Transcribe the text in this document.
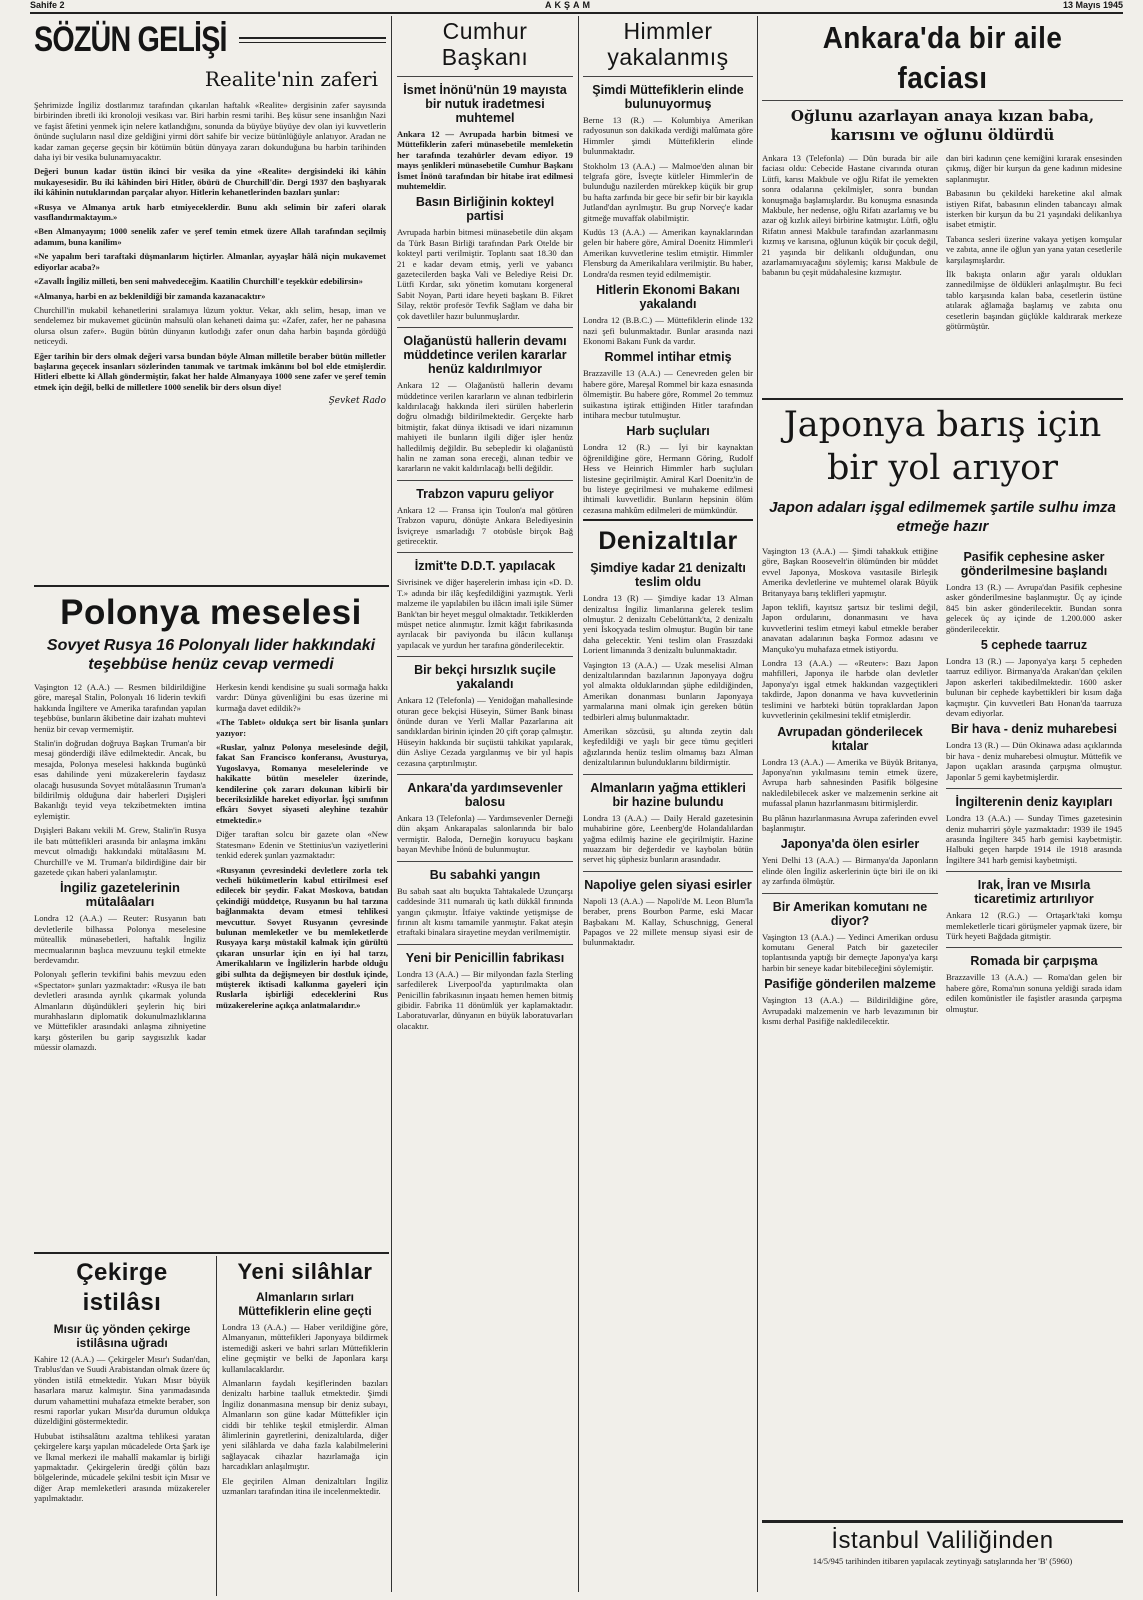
Sahife 2	AKŞAM	13 Mayıs 1945
SÖZÜN GELİŞİ
Realite'nin zaferi

Şehrimizde İngiliz dostlarımız tarafından çıkarılan haftalık «Realite» dergisinin zafer sayısında birbirinden ibretli iki kronoloji vesikası var. Biri harbin resmi tarihi. Beş küsur sene insanlığın Nazi ve faşist âfetini yenmek için nelere katlandığını, sonunda da büyüye büyüye dev olan iyi kuvvetlerin önünde suçluların nasıl dize geldiğini yirmi dört sahife bir vecize bütünlüğüyle anlatıyor. Aradan ne kadar zaman geçerse geçsin bir kötümün bütün dünyaya zararı dokunduğuna bu harbin tarihinden daha iyi bir vesika bulunamıyacaktır.

Değeri bunun kadar üstün ikinci bir vesika da yine «Realite» dergisindeki iki kâhin mukayesesidir. Bu iki kâhinden biri Hitler, öbürü de Churchill'dir. Dergi 1937 den başlıyarak iki kâhinin nutuklarından parçalar alıyor. Hitlerin kehanetlerinden bazıları şunlar:

«Rusya ve Almanya artık harb etmiyeceklerdir. Bunu aklı selimin bir zaferi olarak vasıflandırmaktayım.»

«Ben Almanyayım; 1000 senelik zafer ve şeref temin etmek üzere Allah tarafından seçilmiş adamım, buna kanilim»

«Ne yapalım beri taraftaki düşmanlarım hiçtirler. Almanlar, ayyaşlar hâlâ niçin mukavemet ediyorlar acaba?»

«Zavallı İngiliz milleti, ben seni mahvedeceğim. Kaatilin Churchill'e teşekkür edebilirsin»

«Almanya, harbi en az beklenildiği bir zamanda kazanacaktır»

Churchill'in mukabil kehanetlerini sıralamıya lüzum yoktur. Vekar, aklı selim, hesap, iman ve sendelemez bir mukavemet gücünün mahsulü olan kehaneti daima şu: «Zafer, zafer, her ne pahasına olursa olsun zafer». Bugün bütün dünyanın kutlodığı zafer onun daha harbin başında gördüğü neticeydi.

Eğer tarihin bir ders olmak değeri varsa bundan böyle Alman milletile beraber bütün milletler başlarına geçecek insanları sözlerinden tanımak ve tartmak imkânını bol bol elde etmişlerdir. Hitleri elbette ki Allah göndermiştir, fakat her halde Almanyaya 1000 sene zafer ve şeref temin etmek için değil, belki de milletlere 1000 senelik bir ders olsun diye!

Şevket Rado
Polonya meselesi
Sovyet Rusya 16 Polonyalı lider hakkındaki teşebbüse henüz cevap vermedi

Vaşington 12 (A.A.) — Resmen bildirildiğine göre, mareşal Stalin, Polonyalı 16 liderin tevkifi hakkında İngiltere ve Amerika tarafından yapılan teşebbüse, bunların âkibetine dair izahatı muhtevi henüz bir cevap vermemiştir.

Stalin'in doğrudan doğruya Başkan Truman'a bir mesaj gönderdiği ilâve edilmektedir. Ancak, bu mesajda, Polonya meselesi hakkında bugünkü esas dahilinde yeni müzakerelerin faydasız olacağı hususunda Sovyet mütalâasının Truman'a bildirilmiş olduğuna dair haberleri Dışişleri Bakanlığı teyid veya tekzibetmekten imtina eylemiştir.

Dışişleri Bakanı vekili M. Grew, Stalin'in Rusya ile batı müttefikleri arasında bir anlaşma imkânı mevcut olmadığı hakkındaki mütalâasını M. Churchill'e ve M. Truman'a bildirdiğine dair bir gazetede çıkan haberi yalanlamıştır.

İngiliz gazetelerinin mütalâaları

Londra 12 (A.A.) — Reuter: Rusyanın batı devletlerile bilhassa Polonya meselesine müteallik münasebetleri, haftalık İngiliz mecmualarının başlıca mevzuunu teşkil etmekte berdevamdır.

Polonyalı şeflerin tevkifini bahis mevzuu eden «Spectator» şunları yazmaktadır: «Rusya ile batı devletleri arasında ayrılık çıkarmak yolunda Almanların düşündükleri şeylerin hiç biri murahhasların diplomatik dokunulmazlıklarına ve Müttefikler arasındaki anlaşma zihniyetine karşı gösterilen bu garip saygısızlık kadar müessir olamazdı.

Herkesin kendi kendisine şu suali sormağa hakkı vardır: Dünya güvenliğini bu esas üzerine mi kurmağa davet edildik?»

«The Tablet» oldukça sert bir lisanla şunları yazıyor:

«Ruslar, yalnız Polonya meselesinde değil, fakat San Francisco konferansı, Avusturya, Yugoslavya, Romanya meselelerinde ve hakikatte bütün meseleler üzerinde, kendilerine çok zararı dokunan kibirli bir beceriksizlikle hareket ediyorlar. İşçi sınıfının efkârı Sovyet siyaseti aleyhine tezahür etmektedir.»

Diğer taraftan solcu bir gazete olan «New Statesman» Edenin ve Stettinius'un vaziyetlerini tenkid ederek şunları yazmaktadır:

«Rusyanın çevresindeki devletlere zorla tek vecheli hükümetlerin kabul ettirilmesi esef edilecek bir şeydir. Fakat Moskova, batıdan çekindiği müddetçe, Rusyanın bu hal tarzına bağlanmakta devam etmesi tehlikesi mevcuttur. Sovyet Rusyanın çevresinde bulunan memleketler ve bu memleketlerde Rusyaya karşı müstakil kalmak için gürültü çıkaran unsurlar için en iyi hal tarzı, Amerikalıların ve İngilizlerin harbde olduğu gibi sulhta da değişmeyen bir dostluk içinde, müşterek iktisadi kalkınma gayeleri için Ruslarla işbirliği edeceklerini Rus müzakerelerine açıkça anlatmalarıdır.»

Çekirge istilâsı
Mısır üç yönden çekirge istilâsına uğradı

Kahire 12 (A.A.) — Çekirgeler Mısır'ı Sudan'dan, Trablus'dan ve Suudi Arabistandan olmak üzere üç yönden istilâ etmektedir. Yukarı Mısır büyük hasarlara maruz kalmıştır. Sina yarımadasında durum vahamettini muhafaza etmekte beraber, son resmi raporlar yukarı Mısır'da durumun oldukça düzeldiğini göstermektedir.

Hububat istihsalâtını azaltma tehlikesi yaratan çekirgelere karşı yapılan mücadelede Orta Şark işe ve İkmal merkezi ile mahallî makamlar iş birliği yapmaktadır. Çekirgelerin üredği çölün bazı bölgelerinde, mücadele şekilni tesbit için Mısır ve diğer Arap memleketleri arasında müzakereler yapılmaktadır.

Yeni silâhlar
Almanların sırları Müttefiklerin eline geçti

Londra 13 (A.A.) — Haber verildiğine göre, Almanyanın, müttefikleri Japonyaya bildirmek istemediği askeri ve bahri sırları Müttefiklerin eline geçmiştir ve belki de Japonlara karşı kullanılacaklardır.

Almanların faydalı keşiflerinden bazıları denizaltı harbine taalluk etmektedir. Şimdi İngiliz donanmasına mensup bir deniz subayı, Almanların son güne kadar Müttefikler için ciddi bir tehlike teşkil etmişlerdir. Alman âlimlerinin gayretlerini, denizaltılarda, diğer yeni silâhlarda ve daha fazla kalabilmelerini sağlayacak cihazlar hazırlamağa için harcadıkları anlaşılmıştır.

Ele geçirilen Alman denizaltıları İngiliz uzmanları tarafından itina ile incelenmektedir.

Cumhur Başkanı
İsmet İnönü'nün 19 mayısta bir nutuk iradetmesi muhtemel

Ankara 12 — Avrupada harbin bitmesi ve Müttefiklerin zaferi münasebetile memleketin her tarafında tezahürler devam ediyor. 19 mayıs şenlikleri münasebetile Cumhur Başkanı İsmet İnönü tarafından bir hitabe irat edilmesi muhtemeldir.

Basın Birliğinin kokteyl partisi

Avrupada harbin bitmesi münasebetile dün akşam da Türk Basın Birliği tarafından Park Otelde bir kokteyl parti verilmiştir. Toplantı saat 18.30 dan 21 e kadar devam etmiş, yerli ve yabancı gazetecilerden başka Vali ve Belediye Reisi Dr. Lütfi Kırdar, sıkı yönetim komutanı korgeneral Sabit Noyan, Parti idare heyeti başkanı B. Fikret Silay, rektör profesör Tevfik Sağlam ve daha bir çok davetliler hazır bulunmuşlardır.

Olağanüstü hallerin devamı müddetince verilen kararlar henüz kaldırılmıyor

Ankara 12 — Olağanüstü hallerin devamı müddetince verilen kararların ve alınan tedbirlerin kaldırılacağı hakkında ileri sürülen haberlerin doğru olmadığı bildirilmektedir. Gerçekte harb bitmiştir, fakat dünya iktisadi ve idari nizamının mahiyeti ile bunların ilgili diğer işler henüz halledilmiş değildir. Bu sebepledir ki olağanüstü halin ne zaman sona ereceği, alınan tedbir ve kararların ne vakit kaldırılacağı belli değildir.

Trabzon vapuru geliyor

Ankara 12 — Fransa için Toulon'a mal götüren Trabzon vapuru, dönüşte Ankara Belediyesinin İsviçreye ısmarladığı 7 otobüsle birçok Bağ getirecektir.

İzmit'te D.D.T. yapılacak

Sivrisinek ve diğer haşerelerin imhası için «D. D. T.» adında bir ilâç keşfedildiğini yazmıştık. Yerli malzeme ile yapılabilen bu ilâcın imali işile Sümer Bank'tan bir heyet meşgul olmaktadır. Tetkiklerden müspet netice alınmıştır. İzmit kâğıt fabrikasında ayrılacak bir paviyonda bu ilâcın kullanışı yapılacak ve yurdun her tarafına gönderilecektir.

Bir bekçi hırsızlık suçile yakalandı

Ankara 12 (Telefonla) — Yenidoğan mahallesinde oturan gece bekçisi Hüseyin, Sümer Bank binası önünde duran ve Yerli Mallar Pazarlarına ait sandıklardan birinin içinden 20 çift çorap çalmıştır. Hüseyin hakkında bir suçüstü tahkikat yapılarak, dün Asliye Cezada yargılanmış ve bir yıl hapis cezasına çarptırılmıştır.

Ankara'da yardımsevenler balosu

Ankara 13 (Telefonla) — Yardımsevenler Derneği dün akşam Ankarapalas salonlarında bir balo vermiştir. Baloda, Derneğin koruyucu başkanı bayan Mevhibe İnönü de bulunmuştur.

Bu sabahki yangın

Bu sabah saat altı buçukta Tahtakalede Uzunçarşı caddesinde 311 numaralı üç katlı dükkâl fırınında yangın çıkmıştır. İtfaiye vaktinde yetişmişse de fırının alt kısmı tamamile yanmıştır. Fakat ateşin etraftaki binalara sirayetine meydan verilmemiştir.

Yeni bir Penicillin fabrikası

Londra 13 (A.A.) — Bir milyondan fazla Sterling sarfedilerek Liverpool'da yaptırılmakta olan Penicillin fabrikasının inşaatı hemen hemen bitmiş gibidir. Fabrika 11 dönümlük yer kaplamaktadır. Laboratuvarlar, dünyanın en büyük laboratuvarları olacaktır.

Himmler yakalanmış
Şimdi Müttefiklerin elinde bulunuyormuş

Berne 13 (R.) — Kolumbiya Amerikan radyosunun son dakikada verdiği malûmata göre Himmler şimdi Müttefiklerin elinde bulunmaktadır.

Stokholm 13 (A.A.) — Malmoe'den alınan bir telgrafa göre, İsveçte kütleler Himmler'in de bulunduğu nazilerden mürekkep küçük bir grup bu hafta zarfında bir gece bir sefir bir bir kayıkla Jutland'dan ayrılmıştır. Bu grup Norveç'e kadar gitmeğe muvaffak olabilmiştir.

Kudüs 13 (A.A.) — Amerikan kaynaklarından gelen bir habere göre, Amiral Doenitz Himmler'i Amerikan kuvvetlerine teslim etmiştir. Himmler Flensburg da Amerikalılara verilmiştir. Bu haber, Londra'da resmen teyid edilmemiştir.

Hitlerin Ekonomi Bakanı yakalandı

Londra 12 (B.B.C.) — Müttefiklerin elinde 132 nazi şefi bulunmaktadır. Bunlar arasında nazi Ekonomi Bakanı Funk da vardır.

Rommel intihar etmiş

Brazzaville 13 (A.A.) — Cenevreden gelen bir habere göre, Mareşal Rommel bir kaza esnasında ölmemiştir. Bu habere göre, Rommel 2o temmuz suikastına iştirak ettiğinden Hitler tarafından intihara mecbur tutulmuştur.

Harb suçluları

Londra 12 (R.) — İyi bir kaynaktan öğrenildiğine göre, Hermann Göring, Rudolf Hess ve Heinrich Himmler harb suçluları listesine geçirilmiştir. Amiral Karl Doenitz'in de bu listeye geçirilmesi ve muhakeme edilmesi ihtimali kuvvetlidir. Bunların hepsinin ölüm cezasına mahkûm edilmeleri de mümkündür.

Denizaltılar
Şimdiye kadar 21 denizaltı teslim oldu

Londra 13 (R) — Şimdiye kadar 13 Alman denizaltısı İngiliz limanlarına gelerek teslim olmuştur. 2 denizaltı Cebelüttarık'ta, 2 denizaltı yeni İskoçyada teslim olmuştur. Bugün bir tane daha gelecektir. Yeni teslim olan Frasızdaki Lorient limanında 3 denizaltı bulunmaktadır.

Vaşington 13 (A.A.) — Uzak meselisi Alman denizaltılarından bazılarının Japonyaya doğru yol almakta olduklarından şüphe edildiğinden, Amerikan donanması bunların Japonyaya yarmalarına mani olmak için gereken bütün tedbirleri almış bulunmaktadır.

Amerikan sözcüsü, şu altında zeytin dalı keşfedildiği ve yaşlı bir gece tümu geçitleri ağızlarında henüz teslim olmamış bazı Alman denizaltılarının bulunduklarını bildirmiştir.

Almanların yağma ettikleri bir hazine bulundu

Londra 13 (A.A.) — Daily Herald gazetesinin muhabirine göre, Leenberg'de Holandalılardan yağma edilmiş hazine ele geçirilmiştir. Hazine muazzam bir değerdedir ve kaybolan bütün servet hiç şüphesiz bunların arasındadır.

Napoliye gelen siyasi esirler

Napoli 13 (A.A.) — Napoli'de M. Leon Blum'la beraber, prens Bourbon Parme, eski Macar Başbakanı M. Kallay, Schuschnigg, General Papagos ve 22 millete mensup siyasi esir de bulunmaktadır.

Ankara'da bir aile faciası
Oğlunu azarlayan anaya kızan baba, karısını ve oğlunu öldürdü

Ankara 13 (Telefonla) — Dün burada bir aile faciası oldu: Cebecide Hastane civarında oturan Lütfi, karısı Makbule ve oğlu Rifat ile yemekten sonra odalarına çekilmişler, sonra bundan konuşmağa başlamışlardır. Bu konuşma esnasında Makbule, her nedense, oğlu Rifatı azarlamış ve bu azar oğ kızlık aileyi birbirine katmıştır. Lütfi, oğlu Rifatın annesi Makbule tarafından azarlanmasını kızmış ve karısına, oğlunun küçük bir çocuk değil, 21 yaşında bir delikanlı olduğundan, onu azarlamamıyacağını söylemiş; karısı Makbule de babanın bu çeşit müdahalesine kızmıştır.

dan biri kadının çene kemiğini kırarak ensesinden çıkmış, diğer bir kurşun da gene kadının midesine saplanmıştır.

Babasının bu çekildeki hareketine akıl almak istiyen Rifat, babasının elinden tabancayı almak isterken bir kurşun da bu 21 yaşındaki delikanlıya isabet etmiştir.

Tabanca sesleri üzerine vakaya yetişen komşular ve zabıta, anne ile oğlun yan yana yatan cesetlerile karşılaşmışlardır.

İlk bakışta onların ağır yaralı oldukları zannedilmişse de öldükleri anlaşılmıştır. Bu feci tablo karşısında kalan baba, cesetlerin üstüne atılarak ağlamağa başlamış ve zabıta onu cesetlerin başından güçlükle kaldırarak merkeze götürmüştür.

Japonya barış için bir yol arıyor
Japon adaları işgal edilmemek şartile sulhu imza etmeğe hazır

Vaşington 13 (A.A.) — Şimdi tahakkuk ettiğine göre, Başkan Roosevelt'in ölümünden bir müddet evvel Japonya, Moskova vasıtasile Birleşik Amerika devletlerine ve muhtemel olarak Büyük Britanyaya barış teklifleri yapmıştır.

Japon teklifi, kayıtsız şartsız bir teslimi değil, Japon ordularını, donanmasını ve hava kuvvetlerini teslim etmeyi kabul etmekle beraber anavatan adalarının başka Formoz adasını ve Mançuko'yu muhafaza etmek istiyordu.

Londra 13 (A.A.) — «Reuter»: Bazı Japon mahfilleri, Japonya ile harbde olan devletler Japonya'yı işgal etmek hakkından vazgeçtikleri takdirde, Japon donanma ve hava kuvvetlerinin teslimini ve harbteki bütün topraklardan Japon kuvvetlerinin çekilmesini teklif etmişlerdir.

Avrupadan gönderilecek kıtalar

Londra 13 (A.A.) — Amerika ve Büyük Britanya, Japonya'nın yıkılmasını temin etmek üzere, Avrupa harb sahnesinden Pasifik bölgesine nakledilebilecek asker ve malzemenin serkine ait mufassal planın hazırlanmasını bitirmişlerdir.

Bu plânın hazırlanmasına Avrupa zaferinden evvel başlanmıştır.

Japonya'da ölen esirler

Yeni Delhi 13 (A.A.) — Birmanya'da Japonların elinde ölen İngiliz askerlerinin üçte biri ile on iki ay zarfında ölmüştür.

Bir Amerikan komutanı ne diyor?

Vaşington 13 (A.A.) — Yedinci Amerikan ordusu komutanı General Patch bir gazeteciler toplantısında yaptığı bir demeçte Japonya'ya karşı harbin bir seneye kadar bitebileceğini söylemiştir.

Pasifiğe gönderilen malzeme

Vaşington 13 (A.A.) — Bildirildiğine göre, Avrupadaki malzemenin ve harb levazımının bir kısmı derhal Pasifiğe nakledilecektir.

Pasifik cephesine asker gönderilmesine başlandı

Londra 13 (R.) — Avrupa'dan Pasifik cephesine asker gönderilmesine başlanmıştır. Üç ay içinde 845 bin asker gönderilecektir. Bundan sonra gelecek üç ay içinde de 1.200.000 asker gönderilecektir.

5 cephede taarruz

Londra 13 (R.) — Japonya'ya karşı 5 cepheden taarruz ediliyor. Birmanya'da Arakan'dan çekilen Japon askerleri takibedilmektedir. 1600 asker bulunan bir cephede kaybettikleri bir kısım dağa kaçmıştır. Çin kuvvetleri Batı Honan'da taarruza devam ediyorlar.

Bir hava - deniz muharebesi

Londra 13 (R.) — Dün Okinawa adası açıklarında bir hava - deniz muharebesi olmuştur. Müttefik ve Japon uçakları arasında çarpışma olmuştur. Japonlar 5 gemi kaybetmişlerdir.

İngilterenin deniz kayıpları

Londra 13 (A.A.) — Sunday Times gazetesinin deniz muharriri şöyle yazmaktadır: 1939 ile 1945 arasında İngiltere 345 harb gemisi kaybetmiştir. Halbuki geçen harpde 1914 ile 1918 arasında İngiltere 341 harb gemisi kaybetmişti.

Irak, İran ve Mısırla ticaretimiz artırılıyor

Ankara 12 (R.G.) — Ortaşark'taki komşu memleketlerle ticari görüşmeler yapmak üzere, bir Türk heyeti Bağdada gitmiştir.

Romada bir çarpışma

Brazzaville 13 (A.A.) — Roma'dan gelen bir habere göre, Roma'nın sonuna yeldiği sırada idam edilen komünistler ile faşistler arasında çarpışma olmuştur.

İstanbul Valiliğinden

14/5/945 tarihinden itibaren yapılacak zeytinyağı satışlarında her 'B' (5960)
